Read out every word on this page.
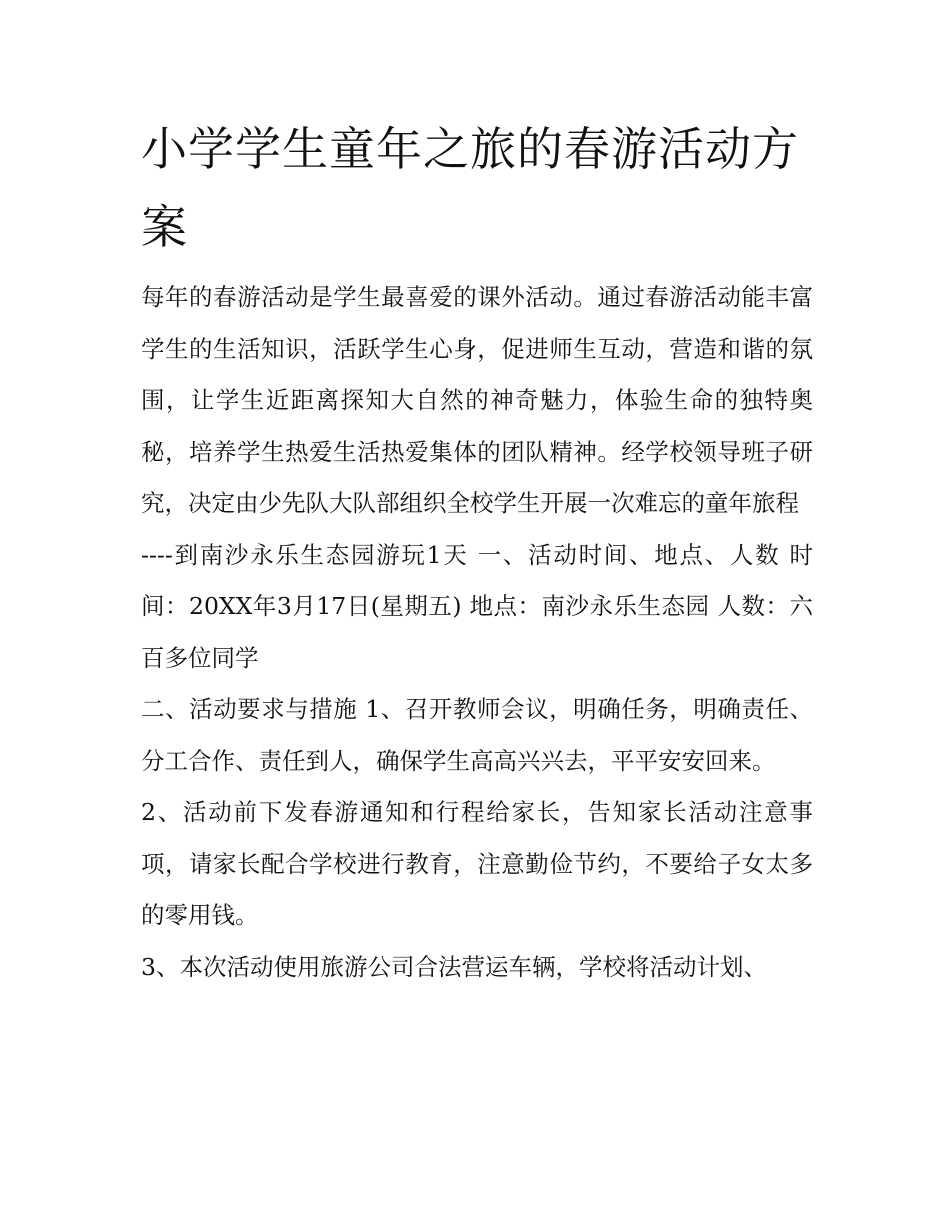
小学学生童年之旅的春游活动方案

每年的春游活动是学生最喜爱的课外活动。通过春游活动能丰富学生的生活知识，活跃学生心身，促进师生互动，营造和谐的氛围，让学生近距离探知大自然的神奇魅力，体验生命的独特奥秘，培养学生热爱生活热爱集体的团队精神。经学校领导班子研究，决定由少先队大队部组织全校学生开展一次难忘的童年旅程

----到南沙永乐生态园游玩1天 一、活动时间、地点、人数 时间：20XX年3月17日(星期五) 地点：南沙永乐生态园 人数：六百多位同学

二、活动要求与措施 1、召开教师会议，明确任务，明确责任、分工合作、责任到人，确保学生高高兴兴去，平平安安回来。

2、活动前下发春游通知和行程给家长，告知家长活动注意事项，请家长配合学校进行教育，注意勤俭节约，不要给子女太多的零用钱。

3、本次活动使用旅游公司合法营运车辆，学校将活动计划、
